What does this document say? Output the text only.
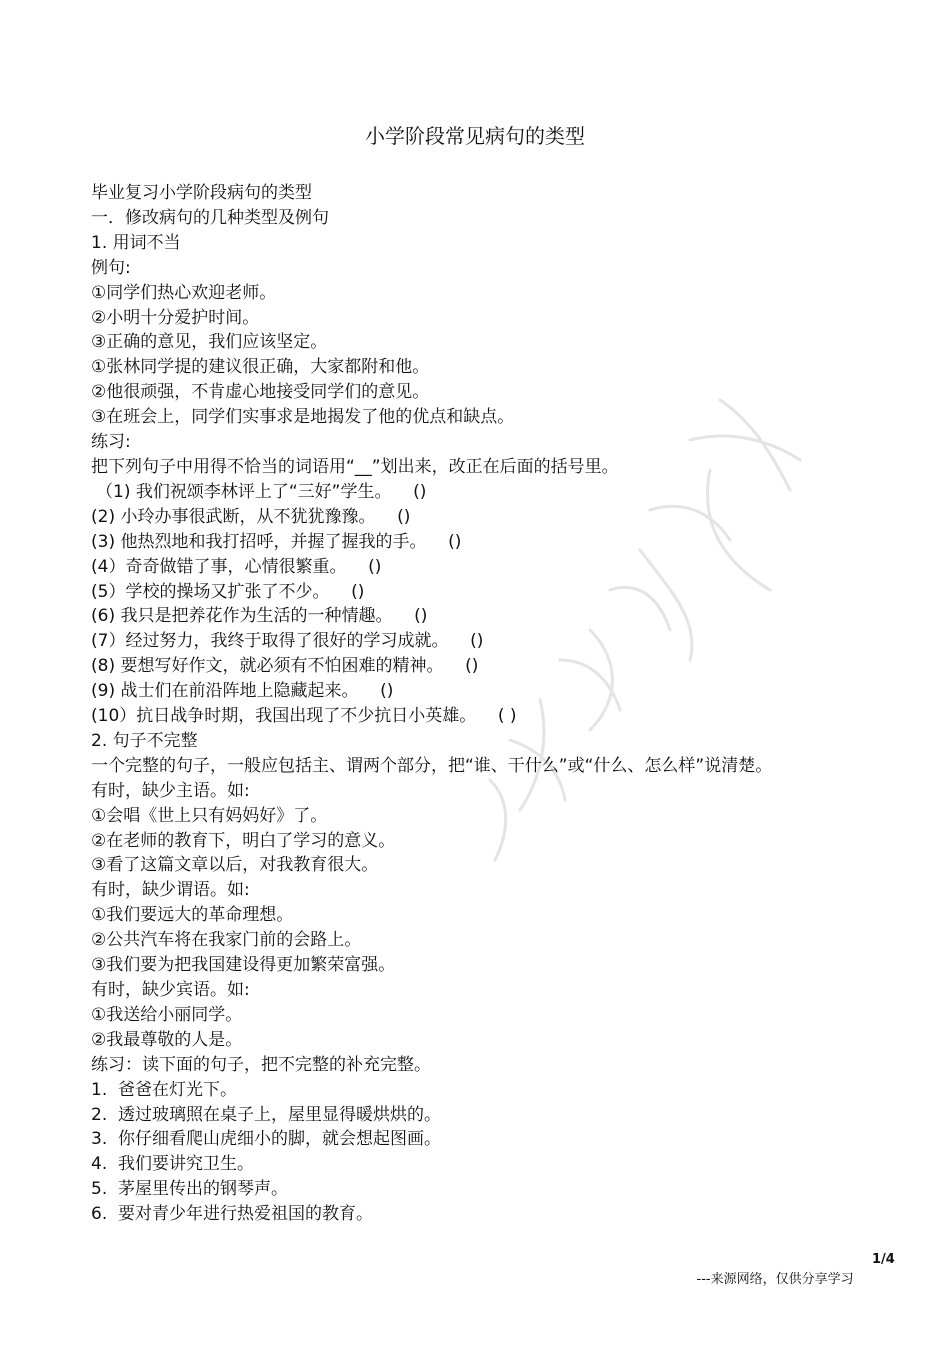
小学阶段常见病句的类型
毕业复习小学阶段病句的类型
一．修改病句的几种类型及例句
1. 用词不当
例句:
①同学们热心欢迎老师。
②小明十分爱护时间。
③正确的意见，我们应该坚定。
①张林同学提的建议很正确，大家都附和他。
②他很顽强，不肯虚心地接受同学们的意见。
③在班会上，同学们实事求是地揭发了他的优点和缺点。
练习:
把下列句子中用得不恰当的词语用“__”划出来，改正在后面的括号里。
（1) 我们祝颂李林评上了“三好”学生。    ()
(2) 小玲办事很武断，从不犹犹豫豫。    ()
(3) 他热烈地和我打招呼，并握了握我的手。    ()
(4）奇奇做错了事，心情很繁重。    ()
(5）学校的操场又扩张了不少。    ()
(6) 我只是把养花作为生活的一种情趣。    ()
(7）经过努力，我终于取得了很好的学习成就。    ()
(8) 要想写好作文，就必须有不怕困难的精神。    ()
(9) 战士们在前沿阵地上隐藏起来。    ()
(10）抗日战争时期，我国出现了不少抗日小英雄。    ( )
2. 句子不完整
一个完整的句子，一般应包括主、谓两个部分，把“谁、干什么”或“什么、怎么样”说清楚。
有时，缺少主语。如:
①会唱《世上只有妈妈好》了。
②在老师的教育下，明白了学习的意义。
③看了这篇文章以后，对我教育很大。
有时，缺少谓语。如:
①我们要远大的革命理想。
②公共汽车将在我家门前的会路上。
③我们要为把我国建设得更加繁荣富强。
有时，缺少宾语。如:
①我送给小丽同学。
②我最尊敬的人是。
练习：读下面的句子，把不完整的补充完整。
1.  爸爸在灯光下。
2.  透过玻璃照在桌子上，屋里显得暖烘烘的。
3.  你仔细看爬山虎细小的脚，就会想起图画。
4.  我们要讲究卫生。
5.  茅屋里传出的钢琴声。
6.  要对青少年进行热爱祖国的教育。

---来源网络，仅供分享学习

1/4
